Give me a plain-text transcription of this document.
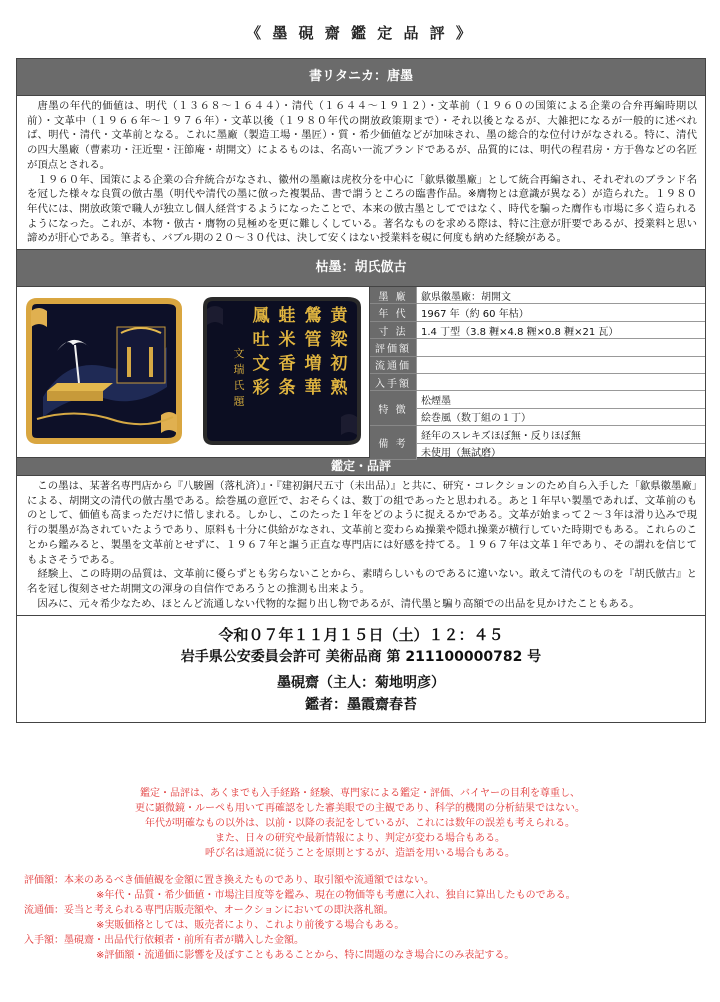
《 墨 硯 齋 鑑 定 品 評 》
書リタニカ：唐墨

唐墨の年代的価値は、明代（１３６８〜１６４４）・清代（１６４４〜１９１２）・文革前（１９６０の国策による企業の合弁再編時期以前）・文革中（１９６６年〜１９７６年）・文革以後（１９８０年代の開放政策期まで）・それ以後となるが、大雑把になるが一般的に述べれば、明代・清代・文革前となる。これに墨廠（製造工場・墨匠）・質・希少価値などが加味され、墨の総合的な位付けがなされる。特に、清代の四大墨廠（曹素功・汪近聖・汪節庵・胡開文）によるものは、名高い一流ブランドであるが、品質的には、明代の程君房・方于魯などの名匠が頂点とされる。

１９６０年、国策による企業の合弁統合がなされ、徽州の墨廠は虎枚分を中心に「歙県徽墨廠」として統合再編され、それぞれのブランド名を冠した様々な良質の倣古墨（明代や清代の墨に倣った複製品、書で謂うところの臨書作品。※膺物とは意識が異なる）が造られた。１９８０年代には、開放政策で職人が独立し個人経営するようになったことで、本来の倣古墨としてではなく、時代を騙った膺作も市場に多く造られるようになった。これが、本物・倣古・膺物の見極めを更に難しくしている。著名なものを求める際は、特に注意が肝要であるが、授業料と思い諦めが肝心である。筆者も、バブル期の２０〜３０代は、決して安くはない授業料を硯に何度も納めた経験がある。

枯墨：胡氏倣古
黄
梁
初
熟
鶯
管
増
華
蛙
米
香
条
鳳
吐
文
彩
文
瑞
氏
題
墨 廠	歙県徽墨廠：胡開文
年 代	1967 年（約 60 年枯）
寸 法	1.4 丁型（3.8 糎×4.8 糎×0.8 糎×21 瓦）
評価額	
流通価	
入手額	
特 徴	松煙墨
	絵巻風（数丁組の１丁）
備 考	経年のスレキズほぼ無・反りほぼ無
	未使用（無試磨）
鑑定・品評

この墨は、某著名専門店から『八駿圖（落札済）』・『建初銅尺五寸（未出品）』と共に、研究・コレクションのため自ら入手した「歙県徽墨廠」による、胡開文の清代の倣古墨である。絵巻風の意匠で、おそらくは、数丁の組であったと思われる。あと１年早い製墨であれば、文革前のものとして、価値も高まっただけに惜しまれる。しかし、このたった１年をどのように捉えるかである。文革が始まって２〜３年は滑り込みで現行の製墨が為されていたようであり、原料も十分に供給がなされ、文革前と変わらぬ操業や隠れ操業が横行していた時期でもある。これらのことから鑑みると、製墨を文革前とせずに、１９６７年と謳う正直な専門店には好感を持てる。１９６７年は文革１年であり、その謂れを信じてもよさそうである。

経験上、この時期の品質は、文革前に優らずとも劣らないことから、素晴らしいものであるに違いない。敢えて清代のものを『胡氏倣古』と名を冠し復刻させた胡開文の渾身の自信作であろうとの推測も出来よう。

因みに、元々希少なため、ほとんど流通しない代物的な掘り出し物であるが、清代墨と騙り高額での出品を見かけたこともある。

令和０７年１１月１５日（土）１２：４５
岩手県公安委員会許可 美術品商 第 211100000782 号
墨硯齋（主人：菊地明彦）
鑑者：墨霞齋春苔
鑑定・品評は、あくまでも入手経路・経験、専門家による鑑定・評価、バイヤーの目利を尊重し、
更に顕微鏡・ルーペも用いて再確認をした審美眼での主観であり、科学的機関の分析結果ではない。
年代が明確なもの以外は、以前・以降の表記をしているが、これには数年の誤差も考えられる。
また、日々の研究や最新情報により、判定が変わる場合もある。
呼び名は通説に従うことを原則とするが、造語を用いる場合もある。
評価額：本来のあるべき価値観を金額に置き換えたものであり、取引額や流通額ではない。
※年代・品質・希少価値・市場注目度等を鑑み、現在の物価等も考慮に入れ、独自に算出したものである。
流通価：妥当と考えられる専門店販売額や、オークションにおいての即決落札額。
※実販価格としては、販売者により、これより前後する場合もある。
入手額：墨硯齋・出品代行依頼者・前所有者が購入した金額。
※評価額・流通価に影響を及ぼすこともあることから、特に問題のなき場合にのみ表記する。
